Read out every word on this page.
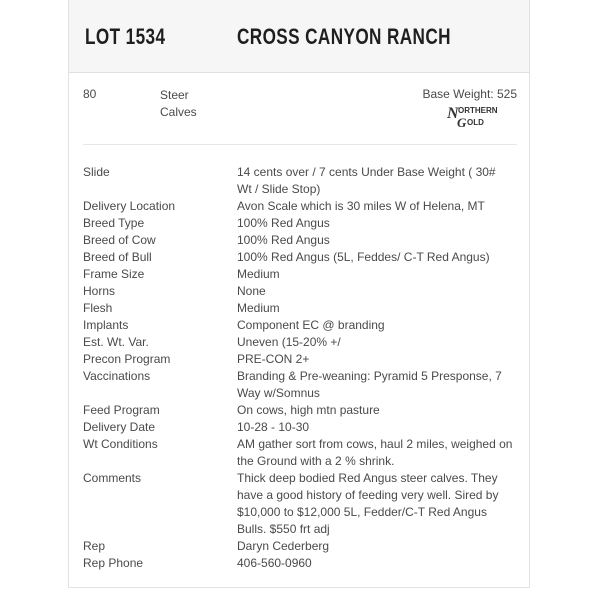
LOT 1534	CROSS CANYON RANCH
80	Steer
Calves
Base Weight: 525
N ORTHERN
G OLD
Slide	14 cents over / 7 cents Under Base Weight ( 30# Wt / Slide Stop)
Delivery Location	Avon Scale which is 30 miles W of Helena, MT
Breed Type	100% Red Angus
Breed of Cow	100% Red Angus
Breed of Bull	100% Red Angus (5L, Feddes/ C-T Red Angus)
Frame Size	Medium
Horns	None
Flesh	Medium
Implants	Component EC @ branding
Est. Wt. Var.	Uneven (15-20% +/
Precon Program	PRE-CON 2+
Vaccinations	Branding & Pre-weaning: Pyramid 5 Presponse, 7 Way w/Somnus
Feed Program	On cows, high mtn pasture
Delivery Date	10-28 - 10-30
Wt Conditions	AM gather sort from cows, haul 2 miles, weighed on the Ground with a 2 % shrink.
Comments	Thick deep bodied Red Angus steer calves. They have a good history of feeding very well. Sired by $10,000 to $12,000 5L, Fedder/C-T Red Angus Bulls. $550 frt adj
Rep	Daryn Cederberg
Rep Phone	406-560-0960
